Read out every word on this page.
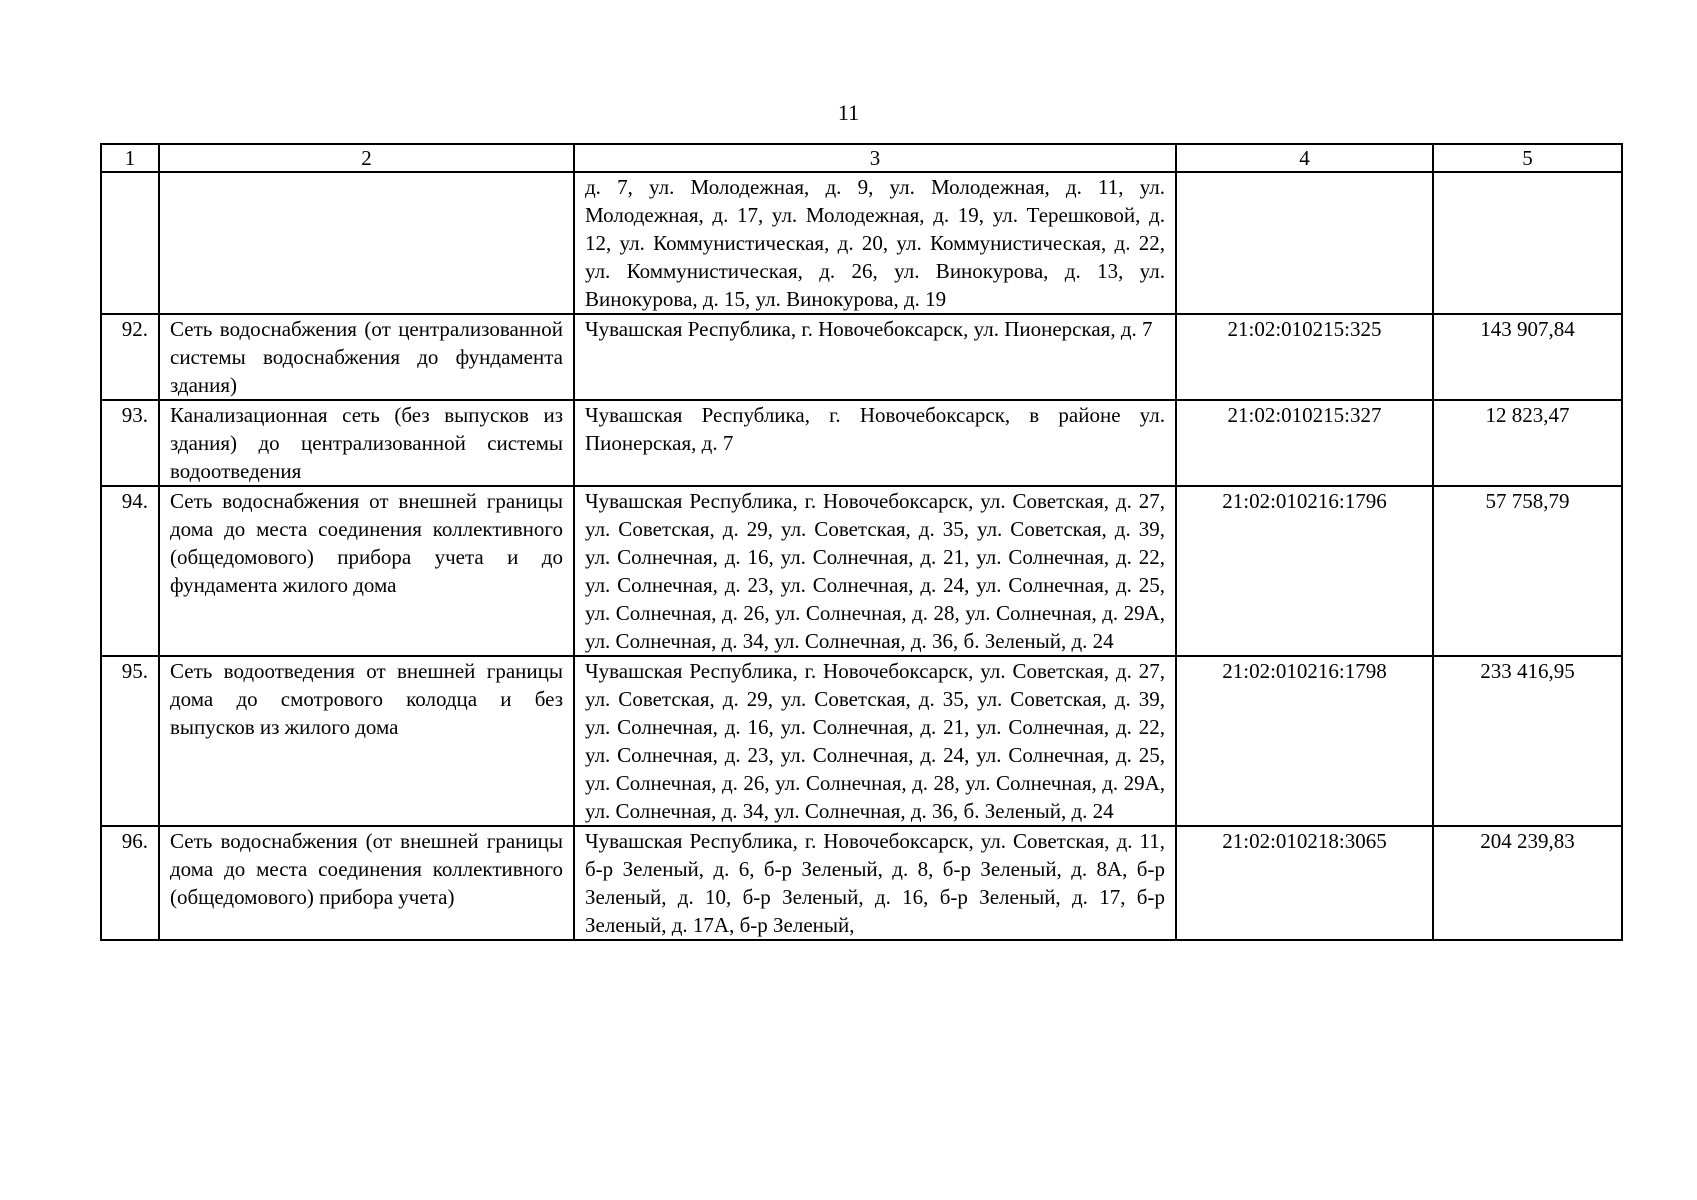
11
1	2	3	4	5
		д. 7, ул. Молодежная, д. 9, ул. Молодежная, д. 11, ул. Молодежная, д. 17, ул. Молодежная, д. 19, ул. Терешковой, д. 12, ул. Коммунистическая, д. 20, ул. Коммунистическая, д. 22, ул. Коммунистическая, д. 26, ул. Винокурова, д. 13, ул. Винокурова, д. 15, ул. Винокурова, д. 19		
92.	Сеть водоснабжения (от централизованной системы водоснабжения до фундамента здания)	Чувашская Республика, г. Новочебоксарск, ул. Пионерская, д. 7	21:02:010215:325	143 907,84
93.	Канализационная сеть (без выпусков из здания) до централизованной системы водоотведения	Чувашская Республика, г. Новочебоксарск, в районе ул. Пионерская, д. 7	21:02:010215:327	12 823,47
94.	Сеть водоснабжения от внешней границы дома до места соединения коллективного (общедомового) прибора учета и до фундамента жилого дома	Чувашская Республика, г. Новочебоксарск, ул. Советская, д. 27, ул. Советская, д. 29, ул. Советская, д. 35, ул. Советская, д. 39, ул. Солнечная, д. 16, ул. Солнечная, д. 21, ул. Солнечная, д. 22, ул. Солнечная, д. 23, ул. Солнечная, д. 24, ул. Солнечная, д. 25, ул. Солнечная, д. 26, ул. Солнечная, д. 28, ул. Солнечная, д. 29А, ул. Солнечная, д. 34, ул. Солнечная, д. 36, б. Зеленый, д. 24	21:02:010216:1796	57 758,79
95.	Сеть водоотведения от внешней границы дома до смотрового колодца и без выпусков из жилого дома	Чувашская Республика, г. Новочебоксарск, ул. Советская, д. 27, ул. Советская, д. 29, ул. Советская, д. 35, ул. Советская, д. 39, ул. Солнечная, д. 16, ул. Солнечная, д. 21, ул. Солнечная, д. 22, ул. Солнечная, д. 23, ул. Солнечная, д. 24, ул. Солнечная, д. 25, ул. Солнечная, д. 26, ул. Солнечная, д. 28, ул. Солнечная, д. 29А, ул. Солнечная, д. 34, ул. Солнечная, д. 36, б. Зеленый, д. 24	21:02:010216:1798	233 416,95
96.	Сеть водоснабжения (от внешней границы дома до места соединения коллективного (общедомового) прибора учета)	Чувашская Республика, г. Новочебоксарск, ул. Советская, д. 11, б-р Зеленый, д. 6, б-р Зеленый, д. 8, б-р Зеленый, д. 8А, б-р Зеленый, д. 10, б-р Зеленый, д. 16, б-р Зеленый, д. 17, б-р Зеленый, д. 17А, б-р Зеленый,	21:02:010218:3065	204 239,83
